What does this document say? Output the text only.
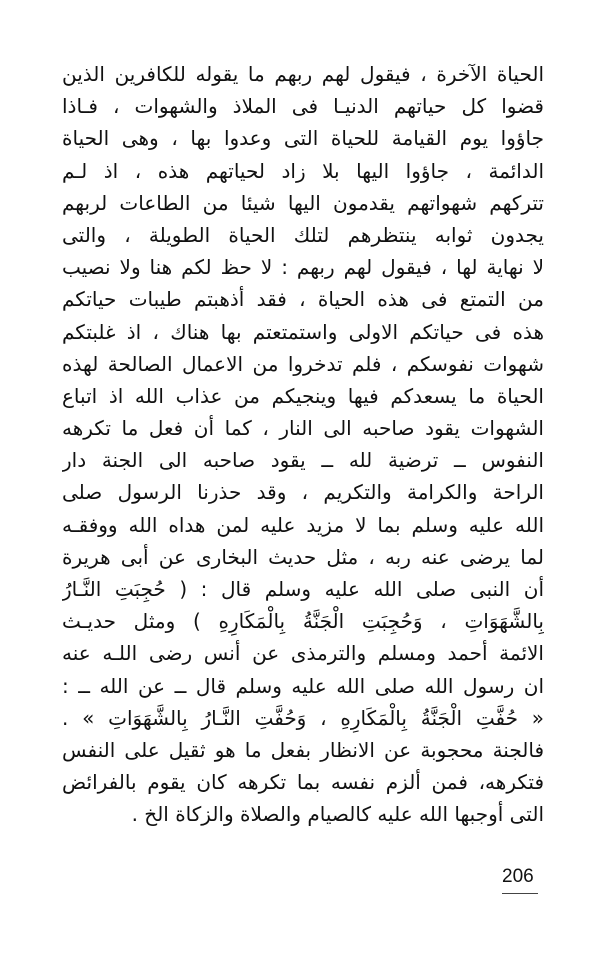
الحياة الآخرة ، فيقول لهم ربهم ما يقوله للكافرين الذين
قضوا كل حياتهم الدنيـا فى الملاذ والشهوات ، فـاذا
جاؤوا يوم القيامة للحياة التى وعدوا بها ، وهى الحياة
الدائمة ، جاؤوا اليها بلا زاد لحياتهم هذه ، اذ لـم
تتركهم شهواتهم يقدمون اليها شيئا من الطاعات لربهم
يجدون ثوابه ينتظرهم لتلك الحياة الطويلة ، والتى
لا نهاية لها ، فيقول لهم ربهم : لا حظ لكم هنا ولا نصيب
من التمتع فى هذه الحياة ، فقد أذهبتم طيبات حياتكم
هذه فى حياتكم الاولى واستمتعتم بها هناك ، اذ غلبتكم
شهوات نفوسكم ، فلم تدخروا من الاعمال الصالحة لهذه
الحياة ما يسعدكم فيها وينجيكم من عذاب الله اذ اتباع
الشهوات يقود صاحبه الى النار ، كما أن فعل ما تكرهه
النفوس ــ ترضية لله ــ يقود صاحبه الى الجنة دار
الراحة والكرامة والتكريم ، وقد حذرنا الرسول صلى
الله عليه وسلم بما لا مزيد عليه لمن هداه الله ووفقـه
لما يرضى عنه ربه ، مثل حديث البخارى عن أبى هريرة
أن النبى صلى الله عليه وسلم قال : ( حُجِبَتِ النَّـارُ
بِالشَّهَوَاتِ ، وَحُجِبَتِ الْجَنَّةُ بِالْمَكَارِهِ ) ومثل حديـث
الائمة أحمد ومسلم والترمذى عن أنس رضى اللـه عنه
ان رسول الله صلى الله عليه وسلم قال ــ عن الله ــ :
« حُفَّتِ الْجَنَّةُ بِالْمَكَارِهِ ، وَحُفَّتِ النَّـارُ بِالشَّهَوَاتِ » .
فالجنة محجوبة عن الانظار بفعل ما هو ثقيل على النفس
فتكرهه، فمن ألزم نفسه بما تكرهه كان يقوم بالفرائض
التى أوجبها الله عليه كالصيام والصلاة والزكاة الخ .
206
